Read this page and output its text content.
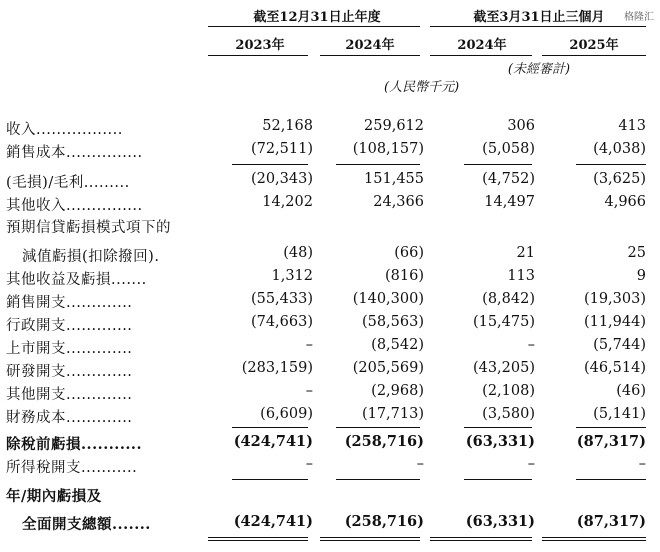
格隆汇
截至12月31日止年度	截至3月31日止三個月
2023年	2024年	2024年	2025年
(未經審計)
(人民幣千元)
收入.................	52,168	259,612	306	413
銷售成本...............	(72,511)	(108,157)	(5,058)	(4,038)
(毛損)/毛利.........	(20,343)	151,455	(4,752)	(3,625)
其他收入...............	14,202	24,366	14,497	4,966
預期信貸虧損模式項下的
減值虧損(扣除撥回).	(48)	(66)	21	25
其他收益及虧損.......	1,312	(816)	113	9
銷售開支.............	(55,433)	(140,300)	(8,842)	(19,303)
行政開支.............	(74,663)	(58,563)	(15,475)	(11,944)
上市開支.............	–	(8,542)	–	(5,744)
研發開支.............	(283,159)	(205,569)	(43,205)	(46,514)
其他開支.............	–	(2,968)	(2,108)	(46)
財務成本.............	(6,609)	(17,713)	(3,580)	(5,141)
除稅前虧損...........	(424,741) (258,716)	(63,331)	(87,317)
所得稅開支...........	–	–	–	–
年/期內虧損及
全面開支總額.......	(424,741) (258,716)	(63,331)	(87,317)
